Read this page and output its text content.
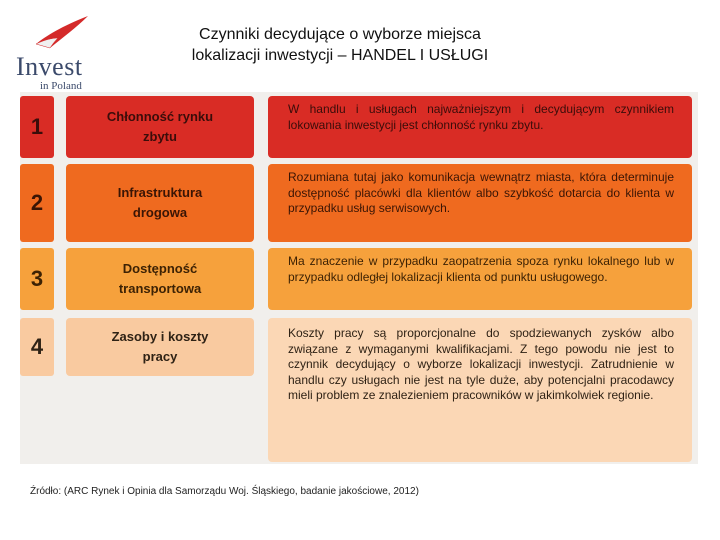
Invest
in Poland
Czynniki decydujące o wyborze miejsca
lokalizacji inwestycji – HANDEL I USŁUGI
1	Chłonność rynku
zbytu
W handlu i usługach najważniejszym i decydującym czynnikiem lokowania inwestycji jest chłonność rynku zbytu.
2	Infrastruktura
drogowa
Rozumiana tutaj jako komunikacja wewnątrz miasta, która determinuje dostępność placówki dla klientów albo szybkość dotarcia do klienta w przypadku usług serwisowych.
3	Dostępność
transportowa
Ma znaczenie w przypadku zaopatrzenia spoza rynku lokalnego lub w przypadku odległej lokalizacji klienta od punktu usługowego.
4	Zasoby i koszty
pracy
Koszty pracy są proporcjonalne do spodziewanych zysków albo związane z wymaganymi kwalifikacjami. Z tego powodu nie jest to czynnik decydujący o wyborze lokalizacji inwestycji. Zatrudnienie w handlu czy usługach nie jest na tyle duże, aby potencjalni pracodawcy mieli problem ze znalezieniem pracowników w jakimkolwiek regionie.
Źródło: (ARC Rynek i Opinia dla Samorządu Woj. Śląskiego, badanie jakościowe, 2012)
